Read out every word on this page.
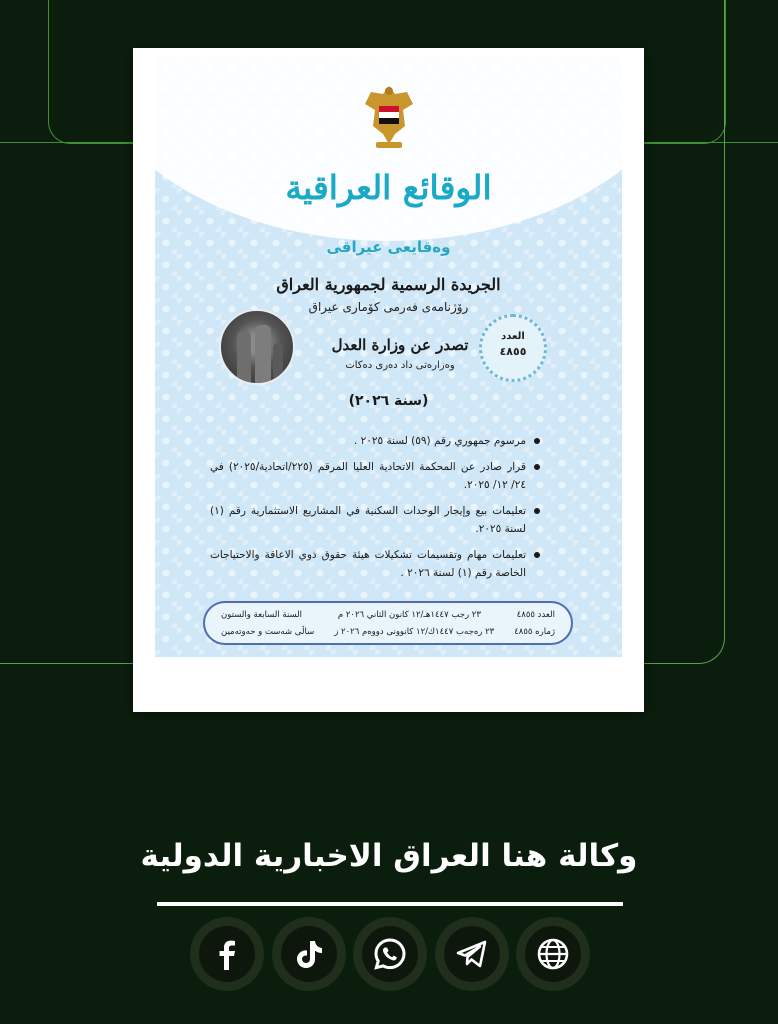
الوقائع العراقية
وەقایعی عیراقی
الجريدة الرسمية لجمهورية العراق
رۆژنامەی فەرمی کۆماری عیراق
تصدر عن وزارة العدل
وەزارەتی داد دەری دەکات
العدد
٤٨٥٥
(سنة ٢٠٢٦)
مرسوم جمهوري رقم (٥٩) لسنة ٢٠٢٥ .
قرار صادر عن المحكمة الاتحادية العليا المرقم (٢٢٥/اتحادية/٢٠٢٥) في ٢٤/ ١٢/ ٢٠٢٥.
تعليمات بيع وإيجار الوحدات السكنية في المشاريع الاستثمارية رقم (١) لسنة ٢٠٢٥.
تعليمات مهام وتقسيمات تشكيلات هيئة حقوق ذوي الاعاقة والاحتياجات الخاصة رقم (١) لسنة ٢٠٢٦ .
العدد ٤٨٥٥
٢٣ رجب ١٤٤٧هـ/١٢ كانون الثاني ٢٠٢٦ م
السنة السابعة والستون
ژماره ٤٨٥٥
٢٣ رەجەب ١٤٤٧ك/١٢ كانوونی دووەم ٢٠٢٦ ز
ساڵی شەست و حەوتەمین
وكالة هنا العراق الاخبارية الدولية
